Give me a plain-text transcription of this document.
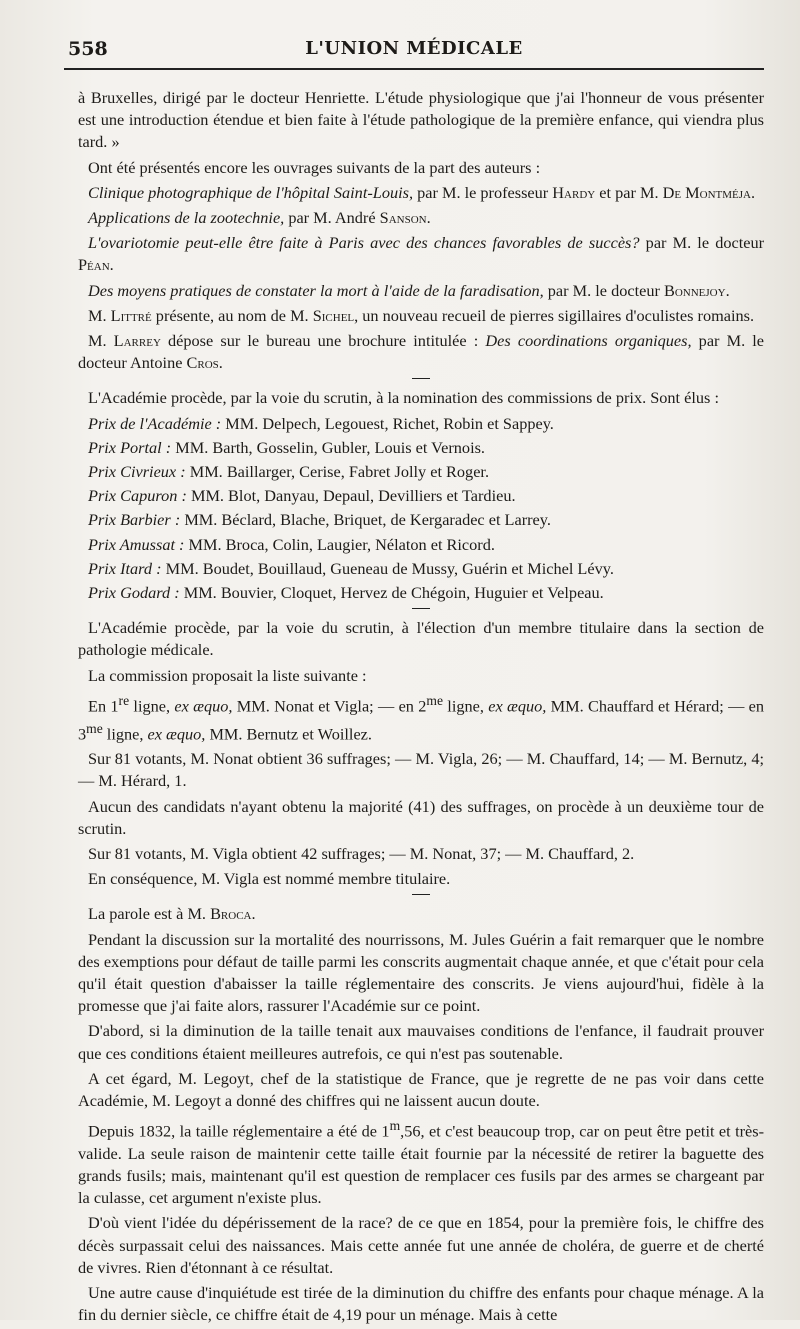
558	L'UNION MÉDICALE

à Bruxelles, dirigé par le docteur Henriette. L'étude physiologique que j'ai l'honneur de vous présenter est une introduction étendue et bien faite à l'étude pathologique de la première enfance, qui viendra plus tard. »

Ont été présentés encore les ouvrages suivants de la part des auteurs :

Clinique photographique de l'hôpital Saint-Louis, par M. le professeur Hardy et par M. De Montméja.

Applications de la zootechnie, par M. André Sanson.

L'ovariotomie peut-elle être faite à Paris avec des chances favorables de succès? par M. le docteur Péan.

Des moyens pratiques de constater la mort à l'aide de la faradisation, par M. le docteur Bonnejoy.

M. Littré présente, au nom de M. Sichel, un nouveau recueil de pierres sigillaires d'oculistes romains.

M. Larrey dépose sur le bureau une brochure intitulée : Des coordinations organiques, par M. le docteur Antoine Cros.

L'Académie procède, par la voie du scrutin, à la nomination des commissions de prix. Sont élus :

Prix de l'Académie : MM. Delpech, Legouest, Richet, Robin et Sappey.

Prix Portal : MM. Barth, Gosselin, Gubler, Louis et Vernois.

Prix Civrieux : MM. Baillarger, Cerise, Fabret Jolly et Roger.

Prix Capuron : MM. Blot, Danyau, Depaul, Devilliers et Tardieu.

Prix Barbier : MM. Béclard, Blache, Briquet, de Kergaradec et Larrey.

Prix Amussat : MM. Broca, Colin, Laugier, Nélaton et Ricord.

Prix Itard : MM. Boudet, Bouillaud, Gueneau de Mussy, Guérin et Michel Lévy.

Prix Godard : MM. Bouvier, Cloquet, Hervez de Chégoin, Huguier et Velpeau.

L'Académie procède, par la voie du scrutin, à l'élection d'un membre titulaire dans la section de pathologie médicale.

La commission proposait la liste suivante :

En 1re ligne, ex æquo, MM. Nonat et Vigla; — en $2^{me}$ ligne, ex æquo, MM. Chauffard et Hérard; — en $3^{me}$ ligne, ex æquo, MM. Bernutz et Woillez.

Sur 81 votants, M. Nonat obtient 36 suffrages; — M. Vigla, 26; — M. Chauffard, 14; — M. Bernutz, 4; — M. Hérard, 1.

Aucun des candidats n'ayant obtenu la majorité (41) des suffrages, on procède à un deuxième tour de scrutin.

Sur 81 votants, M. Vigla obtient 42 suffrages; — M. Nonat, 37; — M. Chauffard, 2.

En conséquence, M. Vigla est nommé membre titulaire.

La parole est à M. Broca.

Pendant la discussion sur la mortalité des nourrissons, M. Jules Guérin a fait remarquer que le nombre des exemptions pour défaut de taille parmi les conscrits augmentait chaque année, et que c'était pour cela qu'il était question d'abaisser la taille réglementaire des conscrits. Je viens aujourd'hui, fidèle à la promesse que j'ai faite alors, rassurer l'Académie sur ce point.

D'abord, si la diminution de la taille tenait aux mauvaises conditions de l'enfance, il faudrait prouver que ces conditions étaient meilleures autrefois, ce qui n'est pas soutenable.

A cet égard, M. Legoyt, chef de la statistique de France, que je regrette de ne pas voir dans cette Académie, M. Legoyt a donné des chiffres qui ne laissent aucun doute.

Depuis 1832, la taille réglementaire a été de 1$^m$,56, et c'est beaucoup trop, car on peut être petit et très-valide. La seule raison de maintenir cette taille était fournie par la nécessité de retirer la baguette des grands fusils; mais, maintenant qu'il est question de remplacer ces fusils par des armes se chargeant par la culasse, cet argument n'existe plus.

D'où vient l'idée du dépérissement de la race? de ce que en 1854, pour la première fois, le chiffre des décès surpassait celui des naissances. Mais cette année fut une année de choléra, de guerre et de cherté de vivres. Rien d'étonnant à ce résultat.

Une autre cause d'inquiétude est tirée de la diminution du chiffre des enfants pour chaque ménage. A la fin du dernier siècle, ce chiffre était de 4,19 pour un ménage. Mais à cette
